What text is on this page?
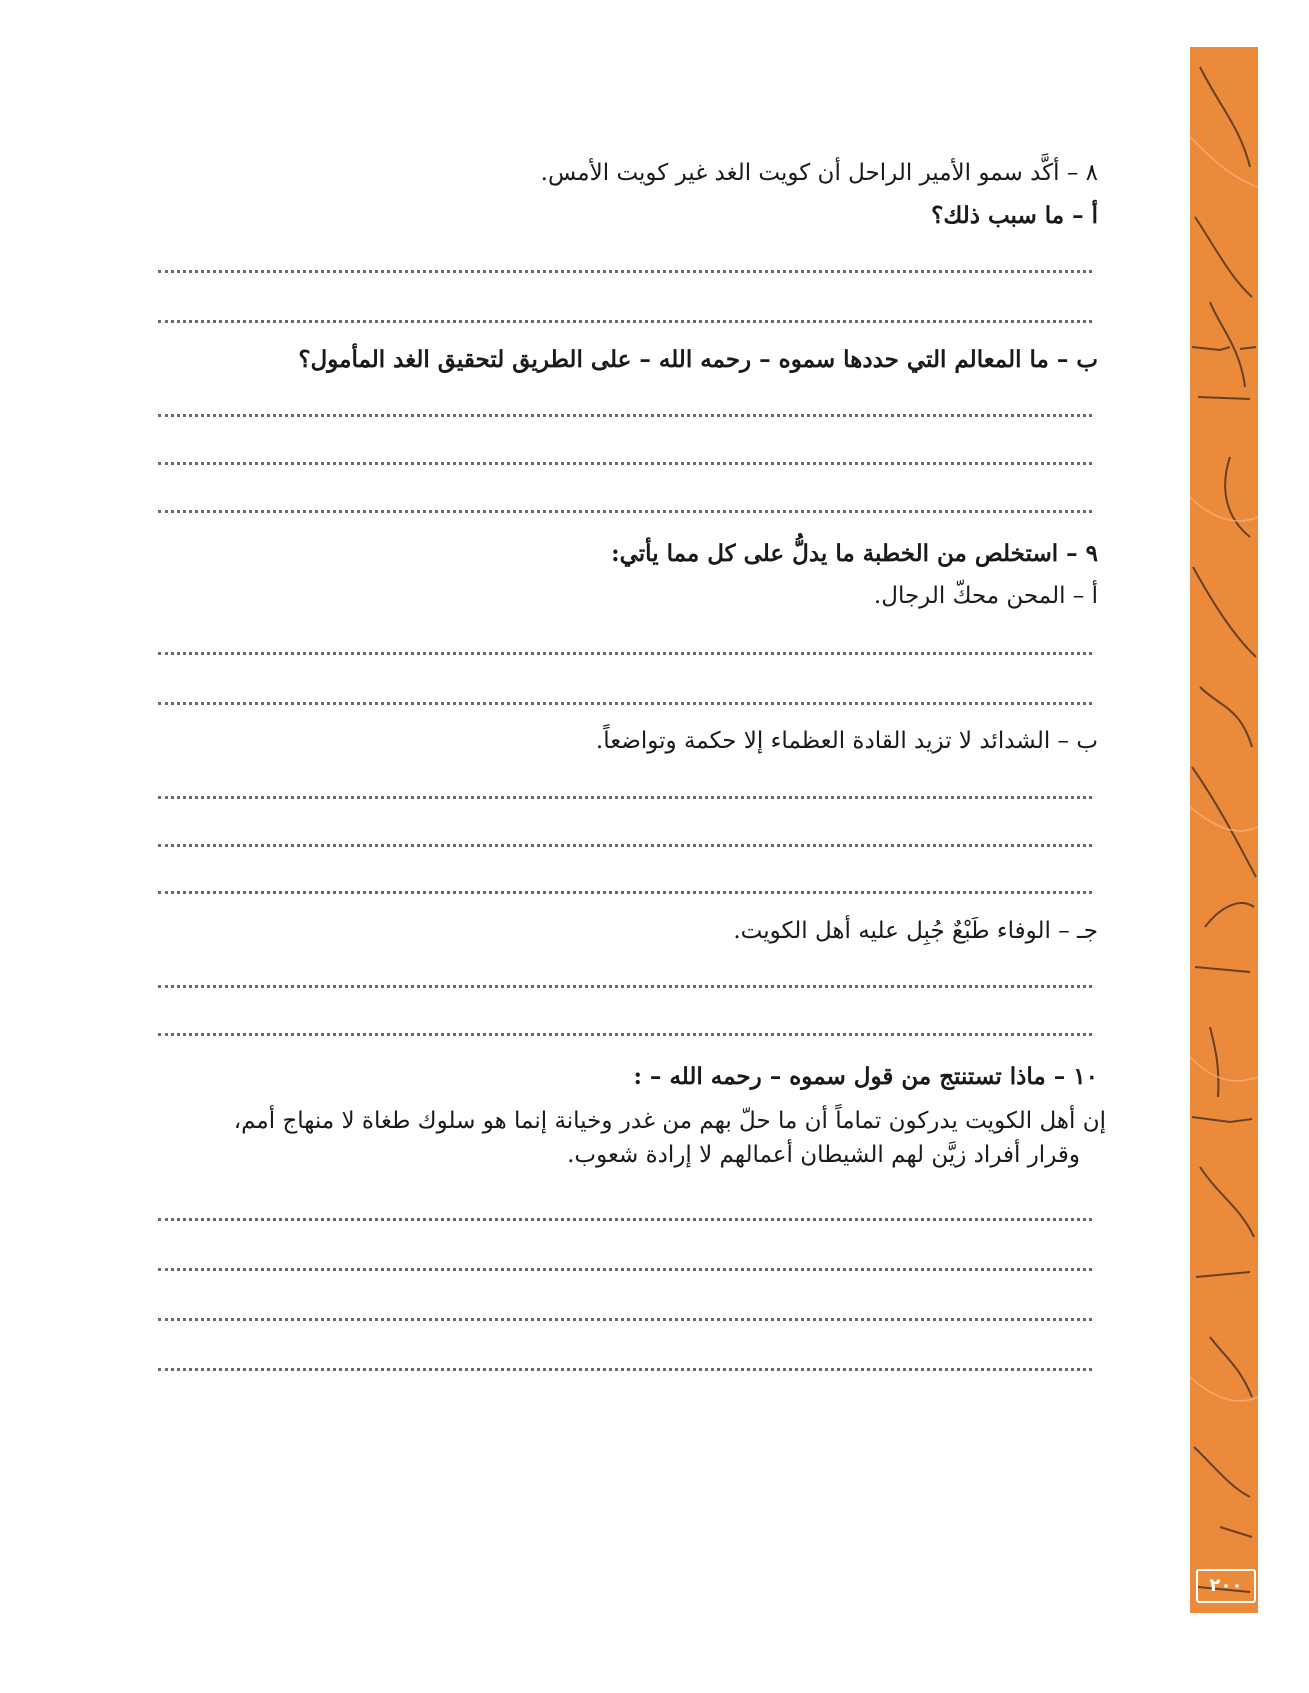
٢٠٠
٨ – أكَّد سمو الأمير الراحل أن كويت الغد غير كويت الأمس.
أ – ما سبب ذلك؟
ب – ما المعالم التي حددها سموه – رحمه الله – على الطريق لتحقيق الغد المأمول؟
٩ – استخلص من الخطبة ما يدلُّ على كل مما يأتي:
أ – المحن محكّ الرجال.
ب – الشدائد لا تزيد القادة العظماء إلا حكمة وتواضعاً.
جـ – الوفاء طَبْعٌ جُبِل عليه أهل الكويت.
١٠ – ماذا تستنتج من قول سموه – رحمه الله – :
إن أهل الكويت يدركون تماماً أن ما حلّ بهم من غدر وخيانة إنما هو سلوك طغاة لا منهاج أمم،
وقرار أفراد زيَّن لهم الشيطان أعمالهم لا إرادة شعوب.
